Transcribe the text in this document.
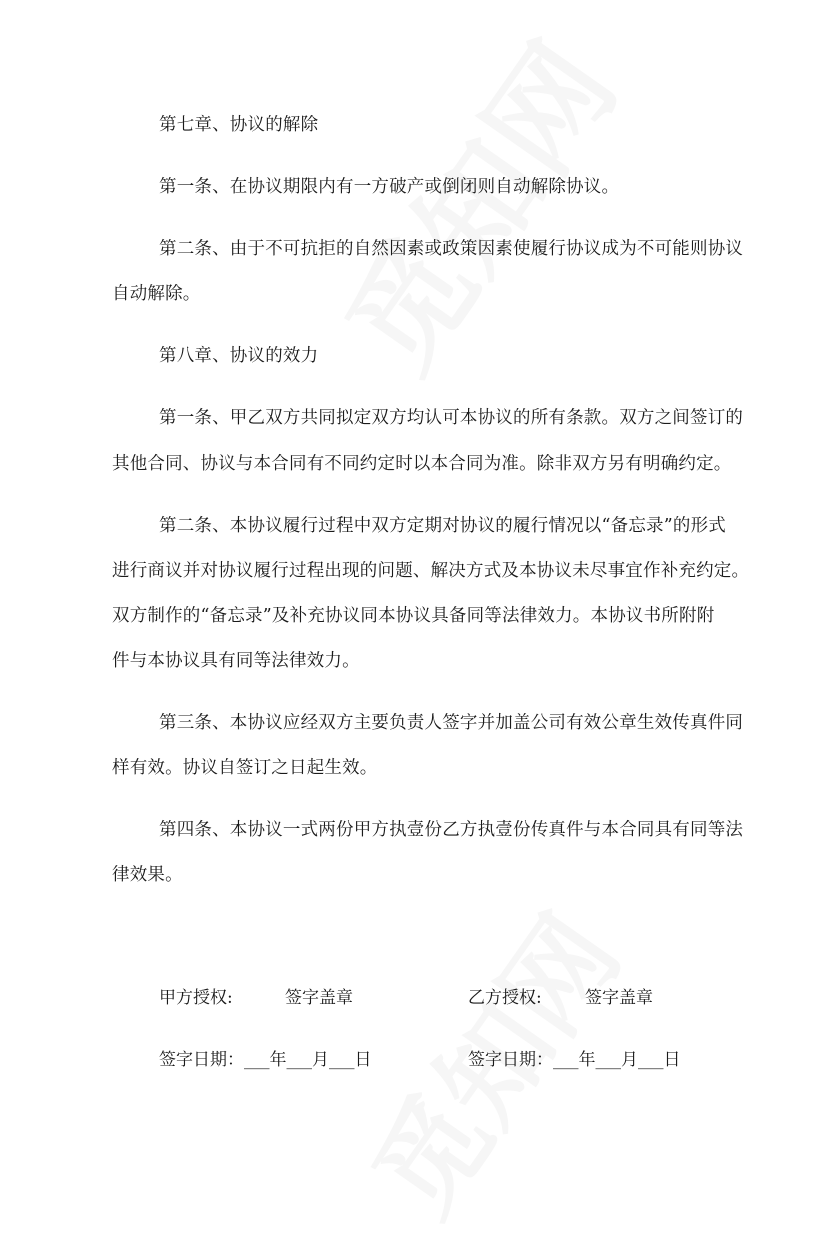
第七章、协议的解除
第一条、在协议期限内有一方破产或倒闭则自动解除协议。
第二条、由于不可抗拒的自然因素或政策因素使履行协议成为不可能则协议
自动解除。
第八章、协议的效力
第一条、甲乙双方共同拟定双方均认可本协议的所有条款。双方之间签订的
其他合同、协议与本合同有不同约定时以本合同为准。除非双方另有明确约定。
第二条、本协议履行过程中双方定期对协议的履行情况以“备忘录”的形式
进行商议并对协议履行过程出现的问题、解决方式及本协议未尽事宜作补充约定。
双方制作的“备忘录”及补充协议同本协议具备同等法律效力。本协议书所附附
件与本协议具有同等法律效力。
第三条、本协议应经双方主要负责人签字并加盖公司有效公章生效传真件同
样有效。协议自签订之日起生效。
第四条、本协议一式两份甲方执壹份乙方执壹份传真件与本合同具有同等法
律效果。
甲方授权:	签字盖章	乙方授权:	签字盖章
签字日期：___年___月___日	签字日期：___年___月___日
